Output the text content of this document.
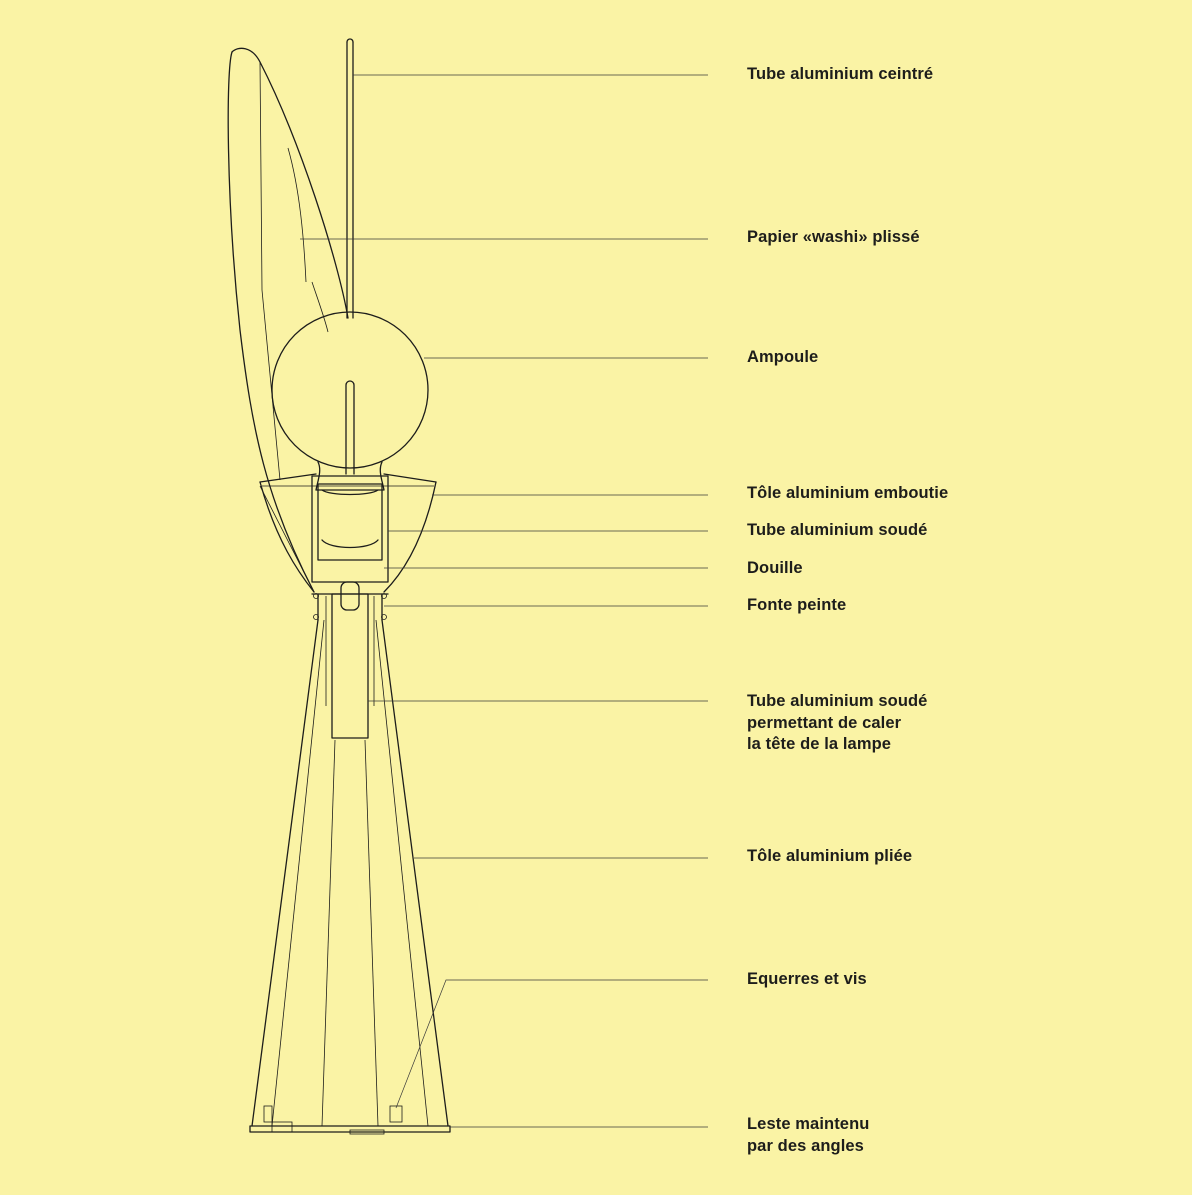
Tube aluminium ceintré
Papier «washi» plissé
Ampoule
Tôle aluminium emboutie
Tube aluminium soudé
Douille
Fonte peinte
Tube aluminium soudé
permettant de caler
la tête de la lampe
Tôle aluminium pliée
Equerres et vis
Leste maintenu
par des angles
